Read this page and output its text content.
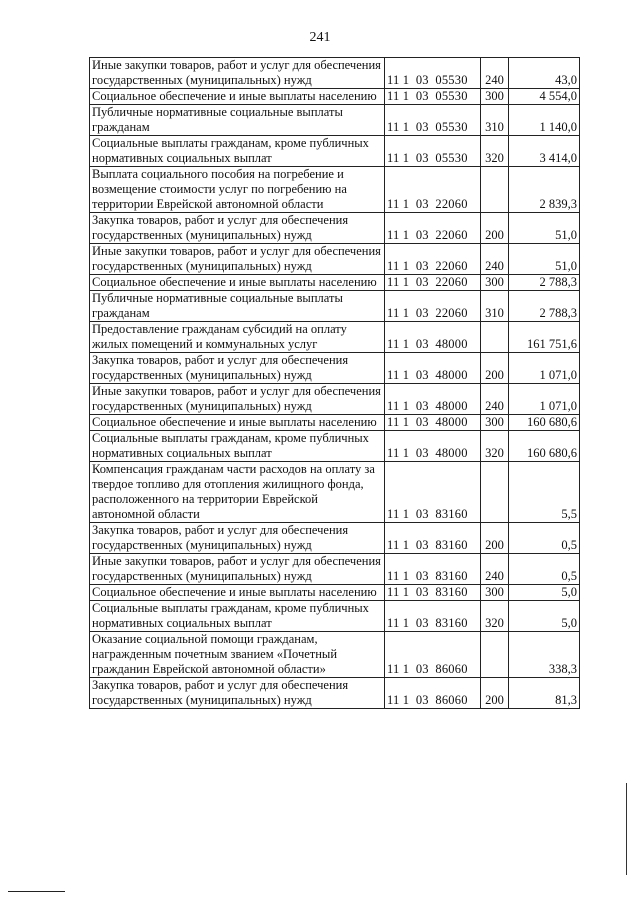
241
Иные закупки товаров, работ и услуг для обеспечения государственных (муниципальных) нужд	11 1  03  05530	240	43,0
Социальное обеспечение и иные выплаты населению	11 1  03  05530	300	4 554,0
Публичные нормативные социальные выплаты гражданам	11 1  03  05530	310	1 140,0
Социальные выплаты гражданам, кроме публичных нормативных социальных выплат	11 1  03  05530	320	3 414,0
Выплата социального пособия на погребение и возмещение стоимости услуг по погребению на территории Еврейской автономной области	11 1  03  22060		2 839,3
Закупка товаров, работ и услуг для обеспечения государственных (муниципальных) нужд	11 1  03  22060	200	51,0
Иные закупки товаров, работ и услуг для обеспечения государственных (муниципальных) нужд	11 1  03  22060	240	51,0
Социальное обеспечение и иные выплаты населению	11 1  03  22060	300	2 788,3
Публичные нормативные социальные выплаты гражданам	11 1  03  22060	310	2 788,3
Предоставление гражданам субсидий на оплату жилых помещений и коммунальных услуг	11 1  03  48000		161 751,6
Закупка товаров, работ и услуг для обеспечения государственных (муниципальных) нужд	11 1  03  48000	200	1 071,0
Иные закупки товаров, работ и услуг для обеспечения государственных (муниципальных) нужд	11 1  03  48000	240	1 071,0
Социальное обеспечение и иные выплаты населению	11 1  03  48000	300	160 680,6
Социальные выплаты гражданам, кроме публичных нормативных социальных выплат	11 1  03  48000	320	160 680,6
Компенсация гражданам части расходов на оплату за твердое топливо для отопления жилищного фонда, расположенного на территории Еврейской автономной области	11 1  03  83160		5,5
Закупка товаров, работ и услуг для обеспечения государственных (муниципальных) нужд	11 1  03  83160	200	0,5
Иные закупки товаров, работ и услуг для обеспечения государственных (муниципальных) нужд	11 1  03  83160	240	0,5
Социальное обеспечение и иные выплаты населению	11 1  03  83160	300	5,0
Социальные выплаты гражданам, кроме публичных нормативных социальных выплат	11 1  03  83160	320	5,0
Оказание социальной помощи гражданам, награжденным почетным званием «Почетный гражданин Еврейской автономной области»	11 1  03  86060		338,3
Закупка товаров, работ и услуг для обеспечения государственных (муниципальных) нужд	11 1  03  86060	200	81,3
